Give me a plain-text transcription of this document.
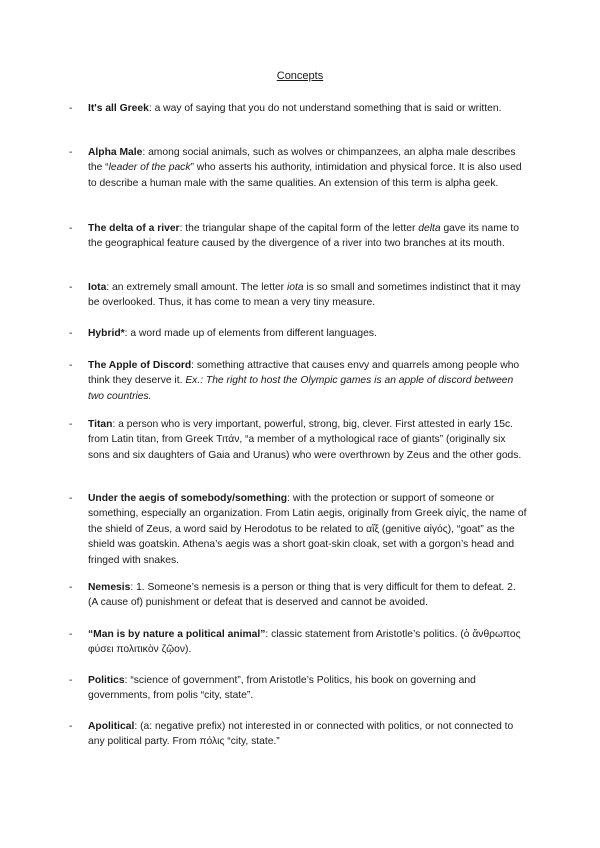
Concepts
- It's all Greek: a way of saying that you do not understand something that is said or written.
- Alpha Male: among social animals, such as wolves or chimpanzees, an alpha male describes the “leader of the pack” who asserts his authority, intimidation and physical force. It is also used to describe a human male with the same qualities. An extension of this term is alpha geek.
- The delta of a river: the triangular shape of the capital form of the letter delta gave its name to the geographical feature caused by the divergence of a river into two branches at its mouth.
- Iota: an extremely small amount. The letter iota is so small and sometimes indistinct that it may be overlooked. Thus, it has come to mean a very tiny measure.
- Hybrid*: a word made up of elements from different languages.
- The Apple of Discord: something attractive that causes envy and quarrels among people who think they deserve it. Ex.: The right to host the Olympic games is an apple of discord between two countries.
- Titan: a person who is very important, powerful, strong, big, clever. First attested in early 15c. from Latin titan, from Greek Τιτάν, “a member of a mythological race of giants” (originally six sons and six daughters of Gaia and Uranus) who were overthrown by Zeus and the other gods.
- Under the aegis of somebody/something: with the protection or support of someone or something, especially an organization. From Latin aegis, originally from Greek αἰγίς, the name of the shield of Zeus, a word said by Herodotus to be related to αἴξ (genitive αἰγός), “goat” as the shield was goatskin. Athena’s aegis was a short goat-skin cloak, set with a gorgon’s head and fringed with snakes.
- Nemesis: 1. Someone’s nemesis is a person or thing that is very difficult for them to defeat. 2. (A cause of) punishment or defeat that is deserved and cannot be avoided.
- “Man is by nature a political animal”: classic statement from Aristotle’s politics. (ὁ ἄνθρωπος φύσει πολιτικὸν ζῷον).
- Politics: “science of government”, from Aristotle’s Politics, his book on governing and governments, from polis “city, state”.
- Apolitical: (a: negative prefix) not interested in or connected with politics, or not connected to any political party. From πόλις “city, state.”
